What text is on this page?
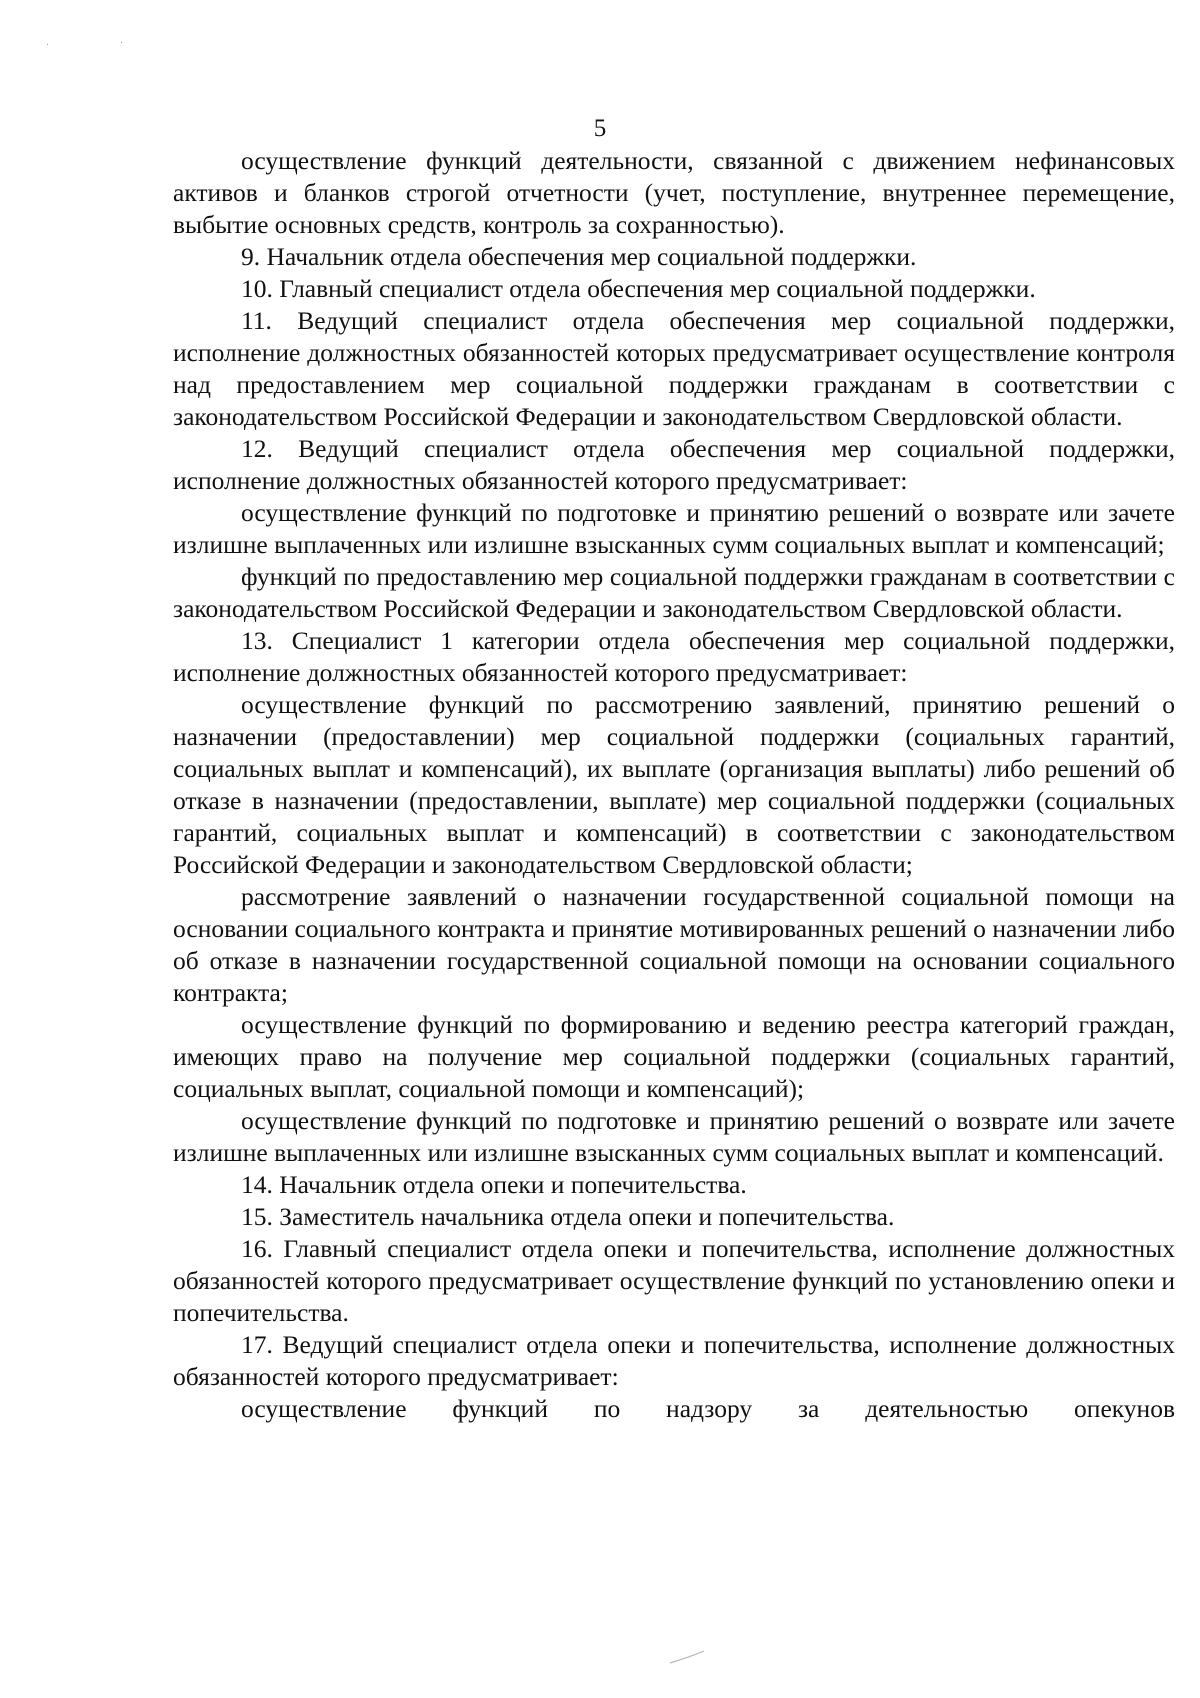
·	·
5

осуществление функций деятельности, связанной с движением нефинансовых активов и бланков строгой отчетности (учет, поступление, внутреннее перемещение, выбытие основных средств, контроль за сохранностью).

9. Начальник отдела обеспечения мер социальной поддержки.

10. Главный специалист отдела обеспечения мер социальной поддержки.

11. Ведущий специалист отдела обеспечения мер социальной поддержки, исполнение должностных обязанностей которых предусматривает осуществление контроля над предоставлением мер социальной поддержки гражданам в соответствии с законодательством Российской Федерации и законодательством Свердловской области.

12. Ведущий специалист отдела обеспечения мер социальной поддержки, исполнение должностных обязанностей которого предусматривает:

осуществление функций по подготовке и принятию решений о возврате или зачете излишне выплаченных или излишне взысканных сумм социальных выплат и компенсаций;

функций по предоставлению мер социальной поддержки гражданам в соответствии с законодательством Российской Федерации и законодательством Свердловской области.

13. Специалист 1 категории отдела обеспечения мер социальной поддержки, исполнение должностных обязанностей которого предусматривает:

осуществление функций по рассмотрению заявлений, принятию решений о назначении (предоставлении) мер социальной поддержки (социальных гарантий, социальных выплат и компенсаций), их выплате (организация выплаты) либо решений об отказе в назначении (предоставлении, выплате) мер социальной поддержки (социальных гарантий, социальных выплат и компенсаций) в соответствии с законодательством Российской Федерации и законодательством Свердловской области;

рассмотрение заявлений о назначении государственной социальной помощи на основании социального контракта и принятие мотивированных решений о назначении либо об отказе в назначении государственной социальной помощи на основании социального контракта;

осуществление функций по формированию и ведению реестра категорий граждан, имеющих право на получение мер социальной поддержки (социальных гарантий, социальных выплат, социальной помощи и компенсаций);

осуществление функций по подготовке и принятию решений о возврате или зачете излишне выплаченных или излишне взысканных сумм социальных выплат и компенсаций.

14. Начальник отдела опеки и попечительства.

15. Заместитель начальника отдела опеки и попечительства.

16. Главный специалист отдела опеки и попечительства, исполнение должностных обязанностей которого предусматривает осуществление функций по установлению опеки и попечительства.

17. Ведущий специалист отдела опеки и попечительства, исполнение должностных обязанностей которого предусматривает:

осуществление функций по надзору за деятельностью опекунов
